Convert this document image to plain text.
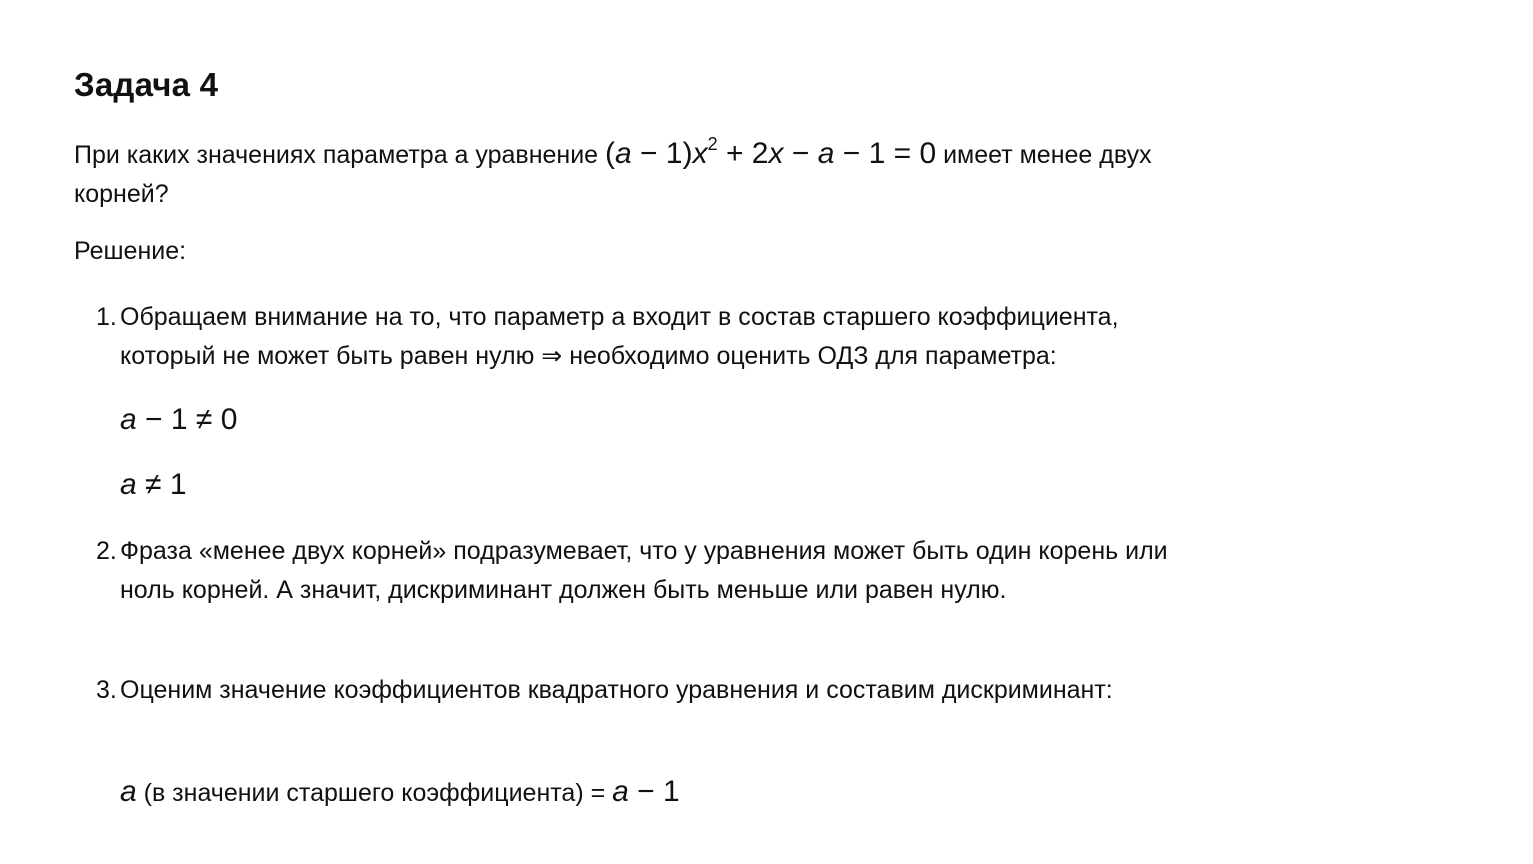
Задача 4
При каких значениях параметра a уравнение $(a - 1)x^2 + 2x - a - 1 = 0$ имеет менее двух корней?
Решение:
1. Обращаем внимание на то, что параметр a входит в состав старшего коэффициента, который не может быть равен нулю ⇒ необходимо оценить ОДЗ для параметра:
a − 1 ≠ 0
a ≠ 1
2. Фраза «менее двух корней» подразумевает, что у уравнения может быть один корень или ноль корней. А значит, дискриминант должен быть меньше или равен нулю.
3. Оценим значение коэффициентов квадратного уравнения и составим дискриминант:
a (в значении старшего коэффициента) = a − 1
